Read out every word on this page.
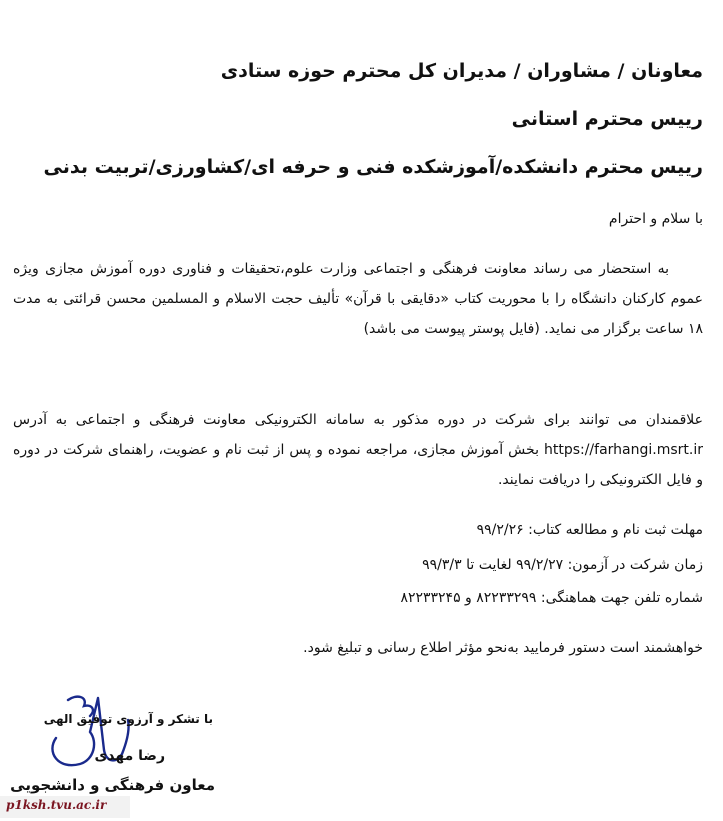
معاونان / مشاوران / مدیران کل محترم حوزه ستادی
رییس محترم استانی
رییس محترم دانشکده/آموزشکده فنی و حرفه ای/کشاورزی/تربیت بدنی
با سلام و احترام
به استحضار می رساند معاونت فرهنگی و اجتماعی وزارت علوم،تحقیقات و فناوری دوره آموزش مجازی ویژه عموم کارکنان دانشگاه را با محوریت کتاب «دقایقی با قرآن» تألیف حجت الاسلام و المسلمین محسن قرائتی به مدت ۱۸ ساعت برگزار می نماید. (فایل پوستر پیوست می باشد)
علاقمندان می توانند برای شرکت در دوره مذکور به سامانه الکترونیکی معاونت فرهنگی و اجتماعی به آدرس https://farhangi.msrt.ir بخش آموزش مجازی، مراجعه نموده و پس از ثبت نام و عضویت، راهنمای شرکت در دوره و فایل الکترونیکی را دریافت نمایند.
مهلت ثبت نام و مطالعه کتاب: ۹۹/۲/۲۶
زمان شرکت در آزمون: ۹۹/۲/۲۷ لغایت تا ۹۹/۳/۳
شماره تلفن جهت هماهنگی: ۸۲۲۳۳۲۹۹ و ۸۲۲۳۳۲۴۵
خواهشمند است دستور فرمایید به‌نحو مؤثر اطلاع رسانی و تبلیغ شود.
با تشکر و آرزوی توفیق الهی
رضا مهدی
معاون فرهنگی و دانشجویی
p1ksh.tvu.ac.ir
